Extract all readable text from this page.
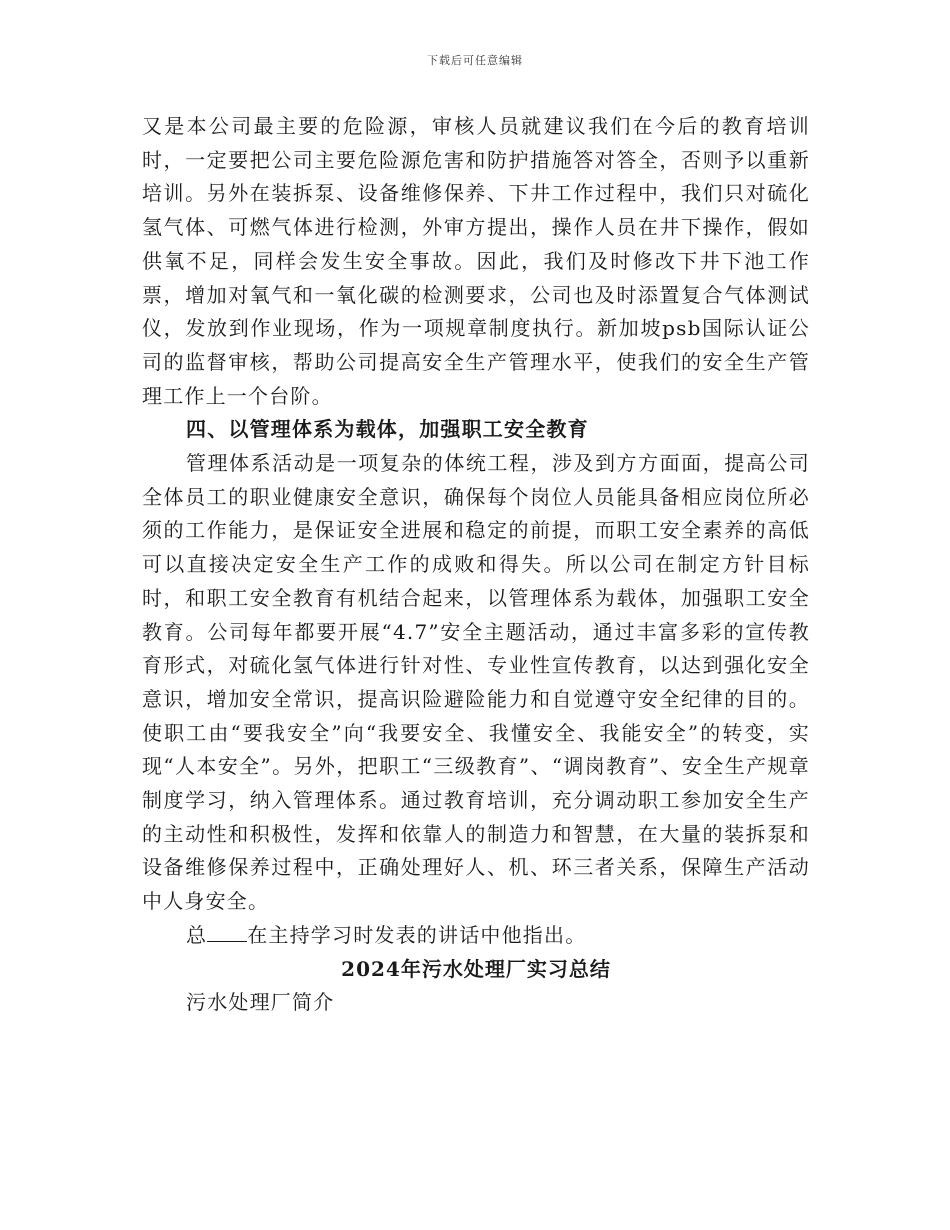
下载后可任意编辑

又是本公司最主要的危险源，审核人员就建议我们在今后的教育培训时，一定要把公司主要危险源危害和防护措施答对答全，否则予以重新培训。另外在装拆泵、设备维修保养、下井工作过程中，我们只对硫化氢气体、可燃气体进行检测，外审方提出，操作人员在井下操作，假如供氧不足，同样会发生安全事故。因此，我们及时修改下井下池工作票，增加对氧气和一氧化碳的检测要求，公司也及时添置复合气体测试仪，发放到作业现场，作为一项规章制度执行。新加坡psb国际认证公司的监督审核，帮助公司提高安全生产管理水平，使我们的安全生产管理工作上一个台阶。

四、以管理体系为载体，加强职工安全教育

管理体系活动是一项复杂的体统工程，涉及到方方面面，提高公司全体员工的职业健康安全意识，确保每个岗位人员能具备相应岗位所必须的工作能力，是保证安全进展和稳定的前提，而职工安全素养的高低可以直接决定安全生产工作的成败和得失。所以公司在制定方针目标时，和职工安全教育有机结合起来，以管理体系为载体，加强职工安全教育。公司每年都要开展“4.7”安全主题活动，通过丰富多彩的宣传教育形式，对硫化氢气体进行针对性、专业性宣传教育，以达到强化安全意识，增加安全常识，提高识险避险能力和自觉遵守安全纪律的目的。使职工由“要我安全”向“我要安全、我懂安全、我能安全”的转变，实现“人本安全”。另外，把职工“三级教育”、“调岗教育”、安全生产规章制度学习，纳入管理体系。通过教育培训，充分调动职工参加安全生产的主动性和积极性，发挥和依靠人的制造力和智慧，在大量的装拆泵和设备维修保养过程中，正确处理好人、机、环三者关系，保障生产活动中人身安全。

总 在主持学习时发表的讲话中他指出。

2024年污水处理厂实习总结

污水处理厂简介
